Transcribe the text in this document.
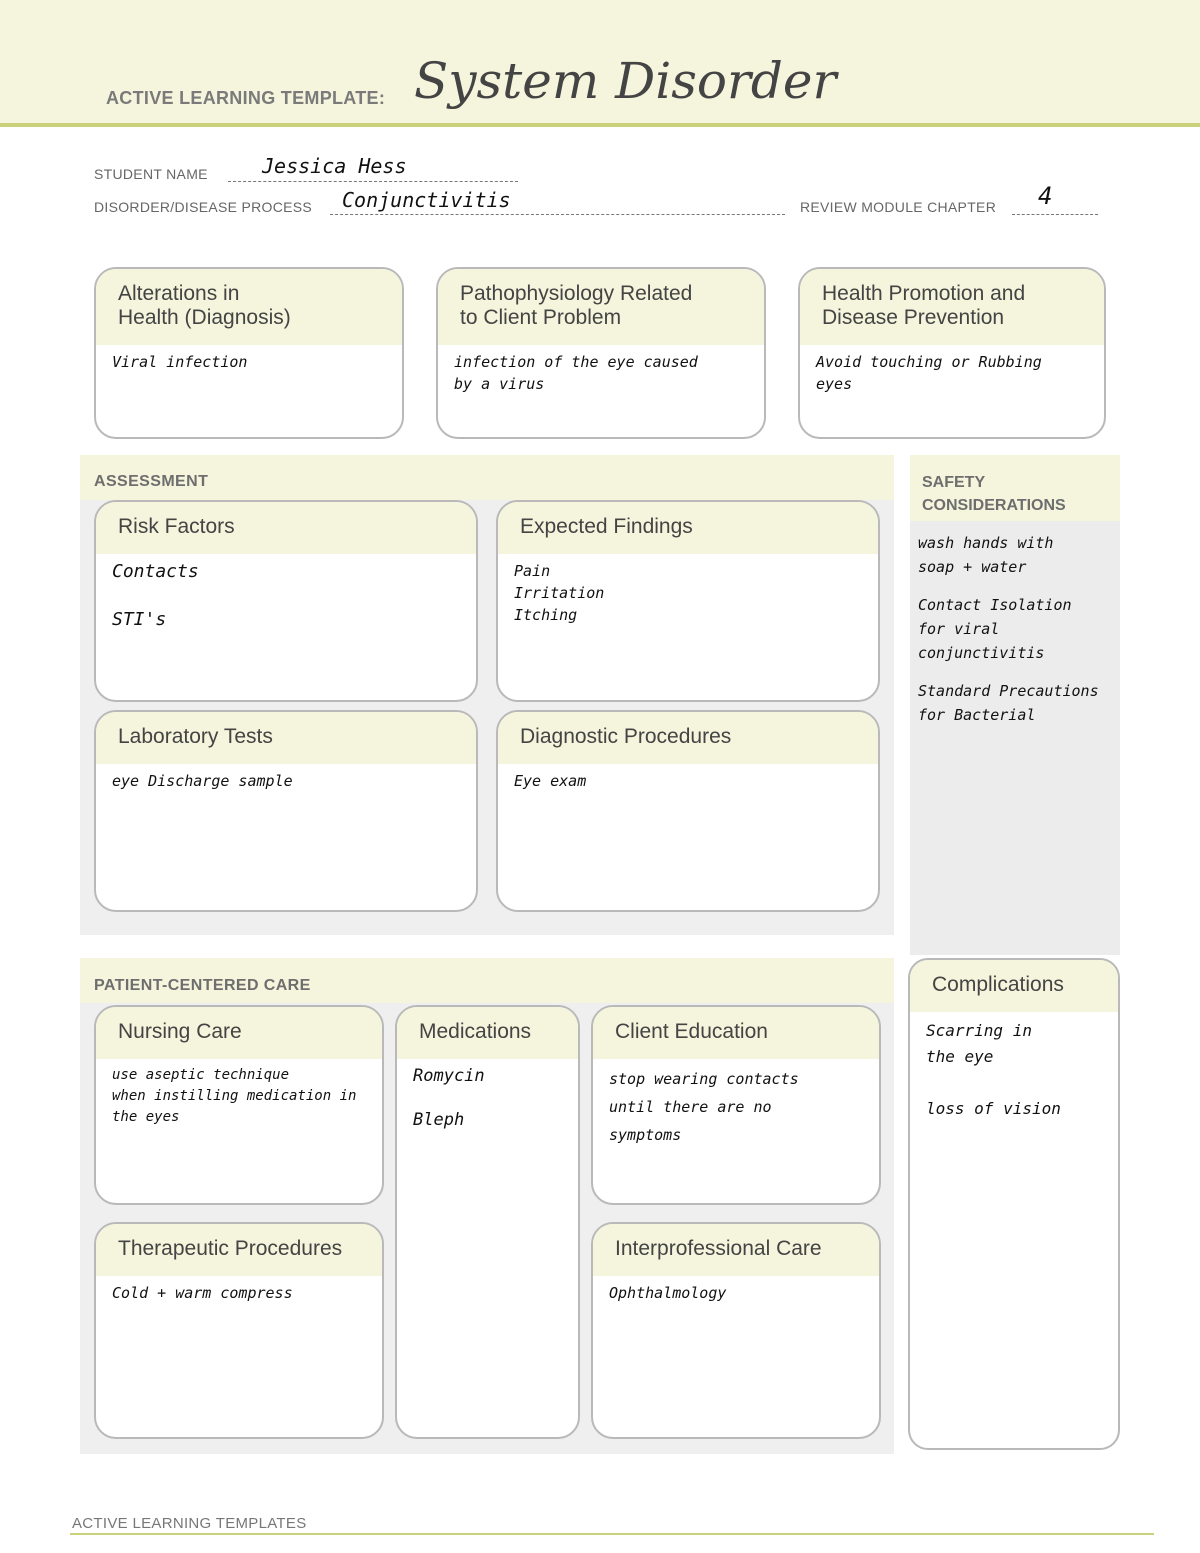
ACTIVE LEARNING TEMPLATE: System Disorder
STUDENT NAME	Jessica Hess
DISORDER/DISEASE PROCESS Conjunctivitis	REVIEW MODULE CHAPTER 4
Alterations in
Health (Diagnosis)

Viral infection

Pathophysiology Related
to Client Problem

infection of the eye caused
by a virus

Health Promotion and
Disease Prevention

Avoid touching or Rubbing
eyes

ASSESSMENT
Risk Factors

Contacts

STI's

Expected Findings

Pain
Irritation
Itching

Laboratory Tests

eye Discharge sample

Diagnostic Procedures

Eye exam

SAFETY
CONSIDERATIONS

wash hands with
soap + water

Contact Isolation
for viral conjunctivitis

Standard Precautions
for Bacterial

Complications

Scarring in
the eye

loss of vision

PATIENT-CENTERED CARE
Nursing Care

use aseptic technique
when instilling medication in
the eyes

Medications

Romycin

Bleph

Client Education

stop wearing contacts
until there are no
symptoms

Therapeutic Procedures

Cold + warm compress

Interprofessional Care

Ophthalmology

ACTIVE LEARNING TEMPLATES
